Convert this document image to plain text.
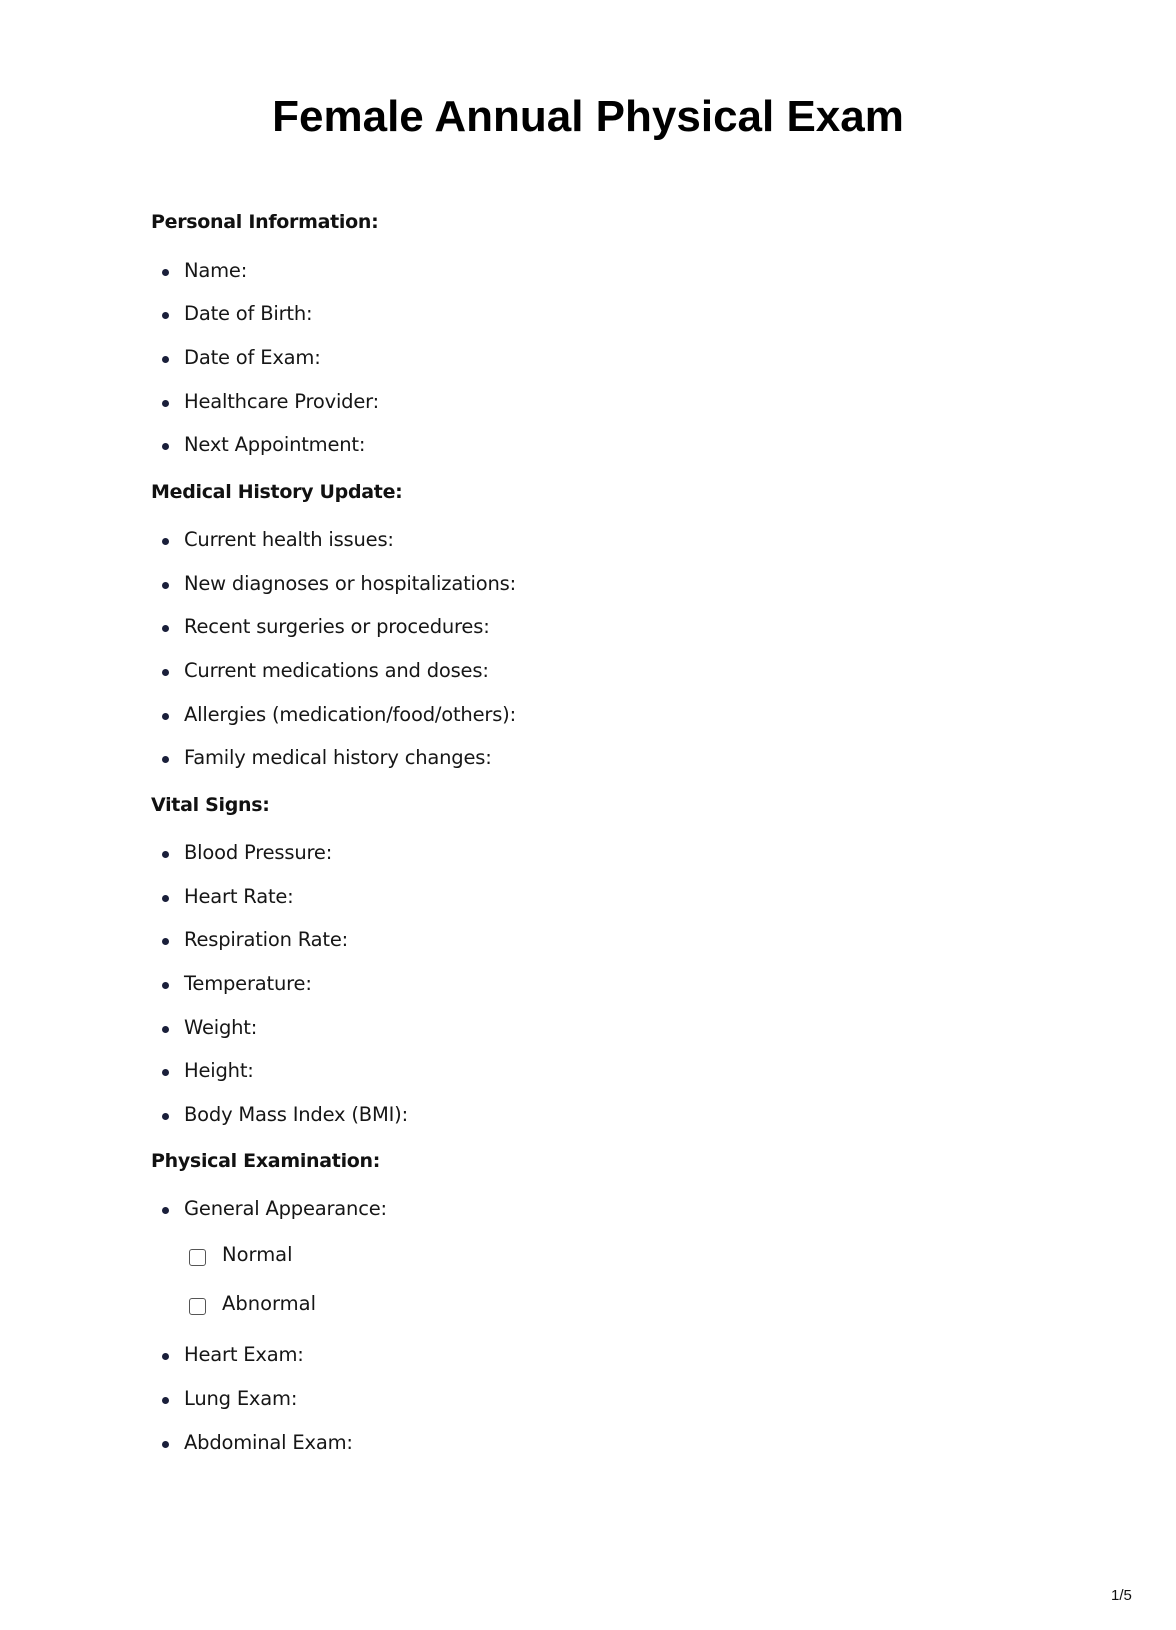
Female Annual Physical Exam
Personal Information:
Name:
Date of Birth:
Date of Exam:
Healthcare Provider:
Next Appointment:
Medical History Update:
Current health issues:
New diagnoses or hospitalizations:
Recent surgeries or procedures:
Current medications and doses:
Allergies (medication/food/others):
Family medical history changes:
Vital Signs:
Blood Pressure:
Heart Rate:
Respiration Rate:
Temperature:
Weight:
Height:
Body Mass Index (BMI):
Physical Examination:
General Appearance:
Normal
Abnormal
Heart Exam:
Lung Exam:
Abdominal Exam:
1/5
